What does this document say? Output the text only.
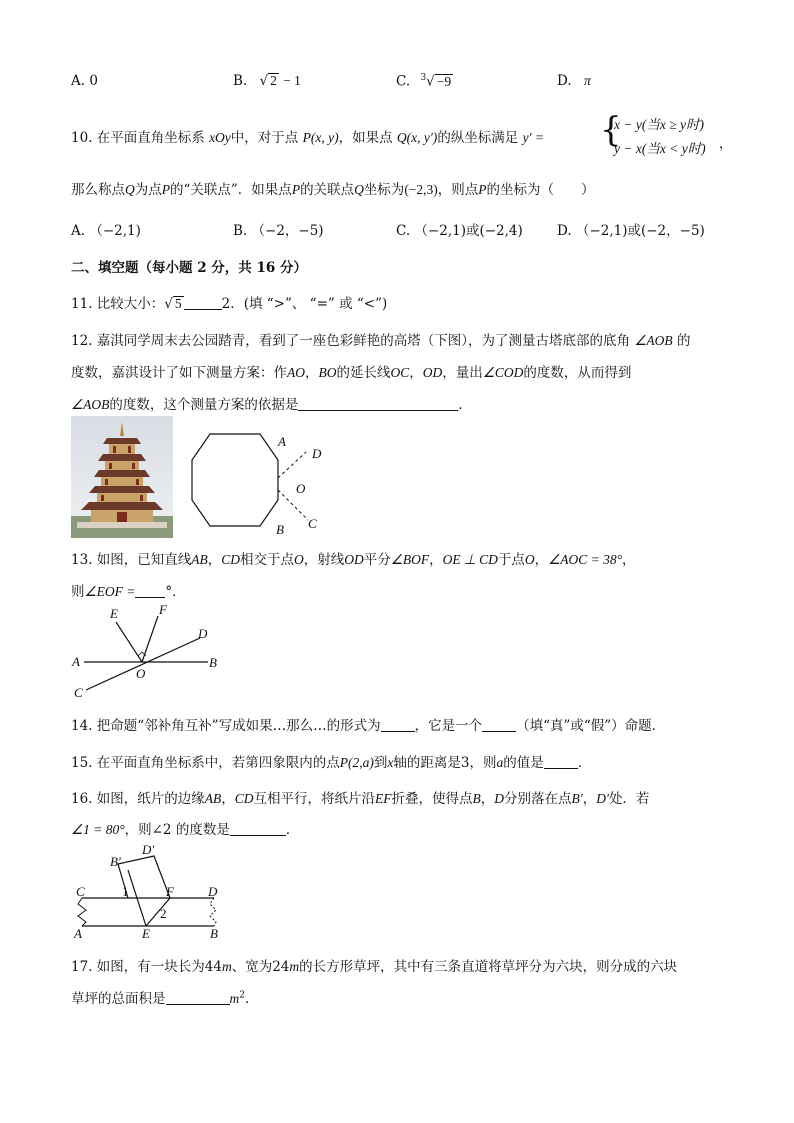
A. 0	B. √ 2 − 1	C. $^3$√ −9	D. π
10. 在平面直角坐标系 xOy中，对于点 P(x, y)，如果点 Q(x, y′)的纵坐标满足 y′ = {
x − y(当x ≥ y时)
y − x(当x < y时) ，
那么称点Q为点P的“关联点”．如果点P的关联点Q坐标为(−2,3)，则点P的坐标为（　　）
A. （−2,1)	B. （−2，−5)	C. （−2,1)或(−2,4)	D. （−2,1)或(−2，−5)
二、填空题（每小题 2 分，共 16 分）
11. 比较大小：√ 5	2．(填 “>”、 “=” 或 “<”)
12. 嘉淇同学周末去公园踏青，看到了一座色彩鲜艳的高塔（下图），为了测量古塔底部的底角 ∠AOB 的
度数，嘉淇设计了如下测量方案：作AO，BO的延长线OC，OD，量出∠COD的度数，从而得到
∠AOB的度数，这个测量方案的依据是	．
A
D
O
C
B
13. 如图，已知直线AB，CD相交于点O，射线OD平分∠BOF，OE ⊥ CD于点O，∠AOC = 38°，
则∠EOF = °．
E	F
D
A
O
B
C
14. 把命题“邻补角互补”写成如果…那么…的形式为	，它是一个	（填“真”或“假”）命题．
15. 在平面直角坐标系中，若第四象限内的点P(2,a)到x轴的距离是3，则a的值是	．
16. 如图，纸片的边缘AB，CD互相平行，将纸片沿EF折叠，使得点B，D分别落在点B′，D′处．若
∠1 = 80°，则∠2 的度数是	．
B′
D′
C	1	F	D
2
A	E	B
17. 如图，有一块长为44m、宽为24m的长方形草坪，其中有三条直道将草坪分为六块，则分成的六块
草坪的总面积是	$m^2$．
